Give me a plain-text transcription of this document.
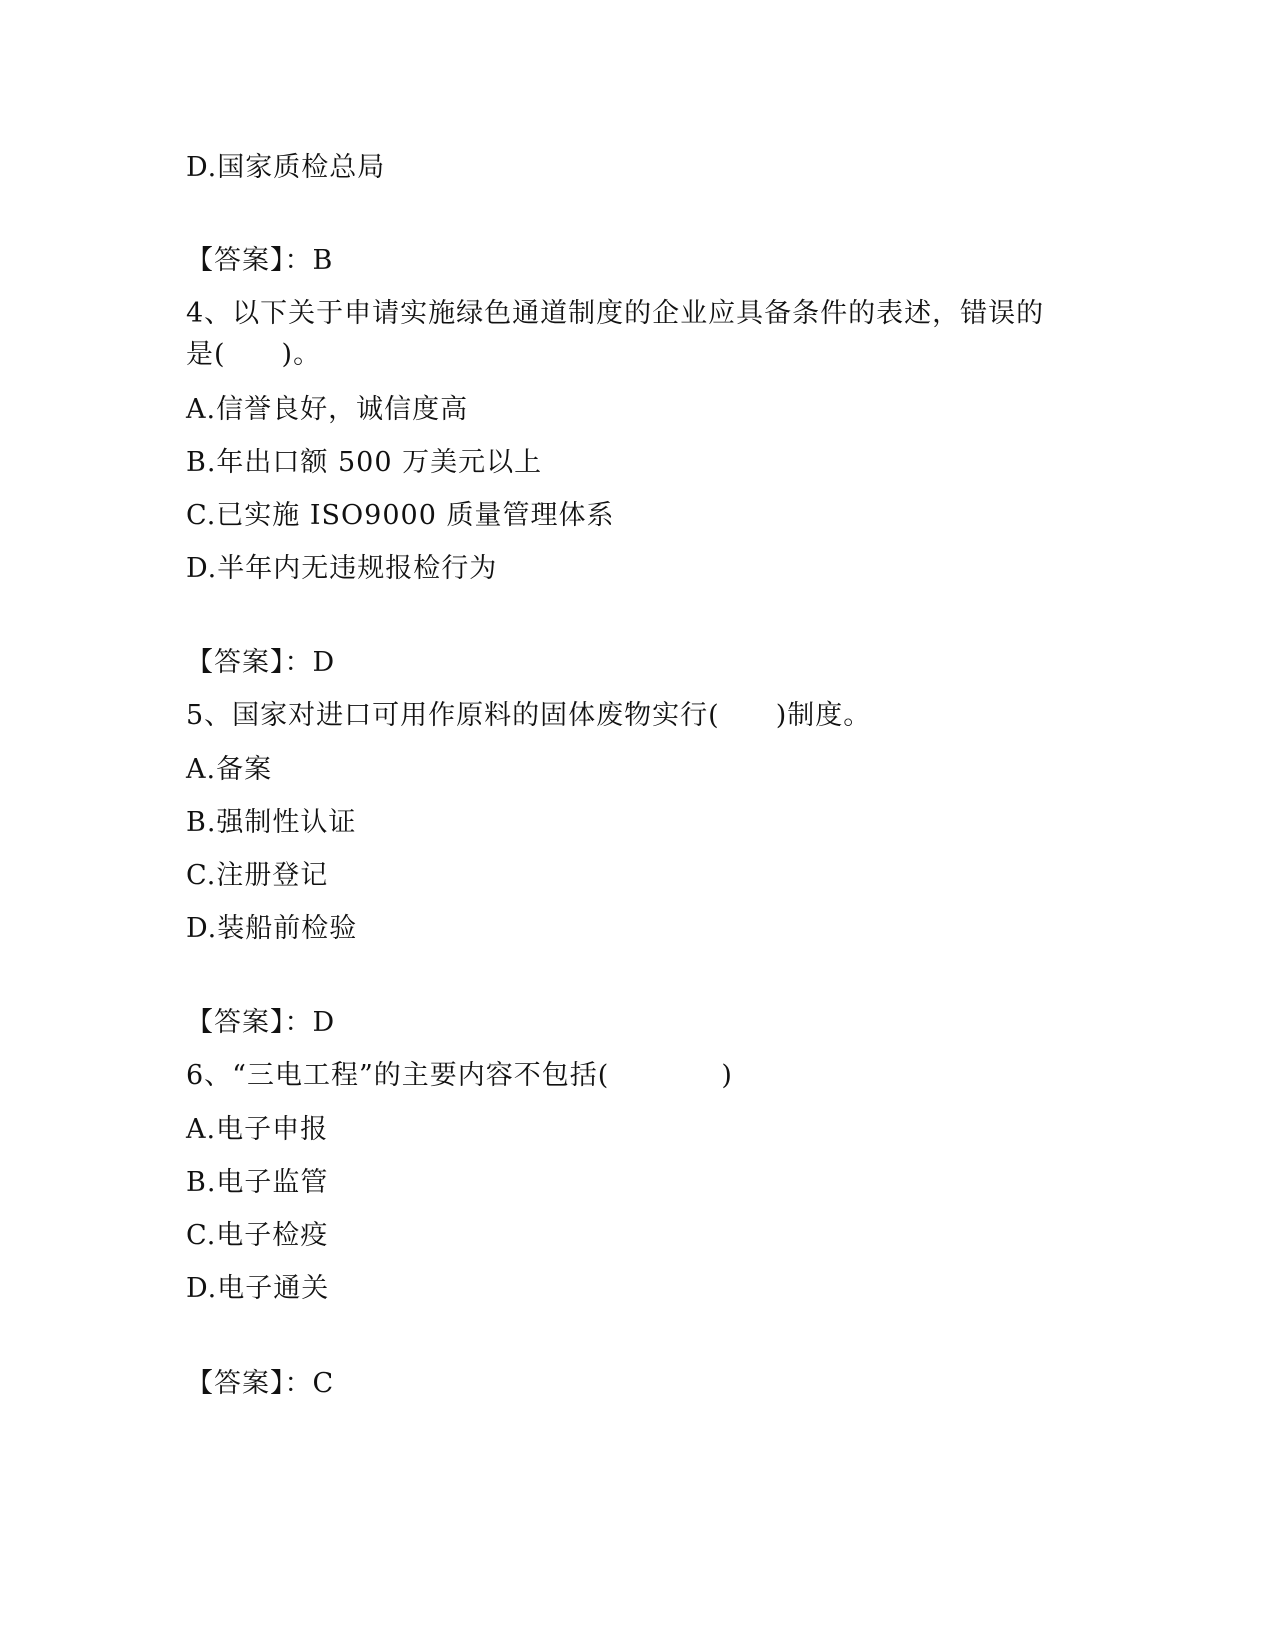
D.国家质检总局
【答案】：B
4、以下关于申请实施绿色通道制度的企业应具备条件的表述，错误的
是(　　)。
A.信誉良好，诚信度高
B.年出口额 500 万美元以上
C.已实施 ISO9000 质量管理体系
D.半年内无违规报检行为
【答案】：D
5、国家对进口可用作原料的固体废物实行(　　)制度。
A.备案
B.强制性认证
C.注册登记
D.装船前检验
【答案】：D
6、“三电工程”的主要内容不包括(　　　　)
A.电子申报
B.电子监管
C.电子检疫
D.电子通关
【答案】：C
